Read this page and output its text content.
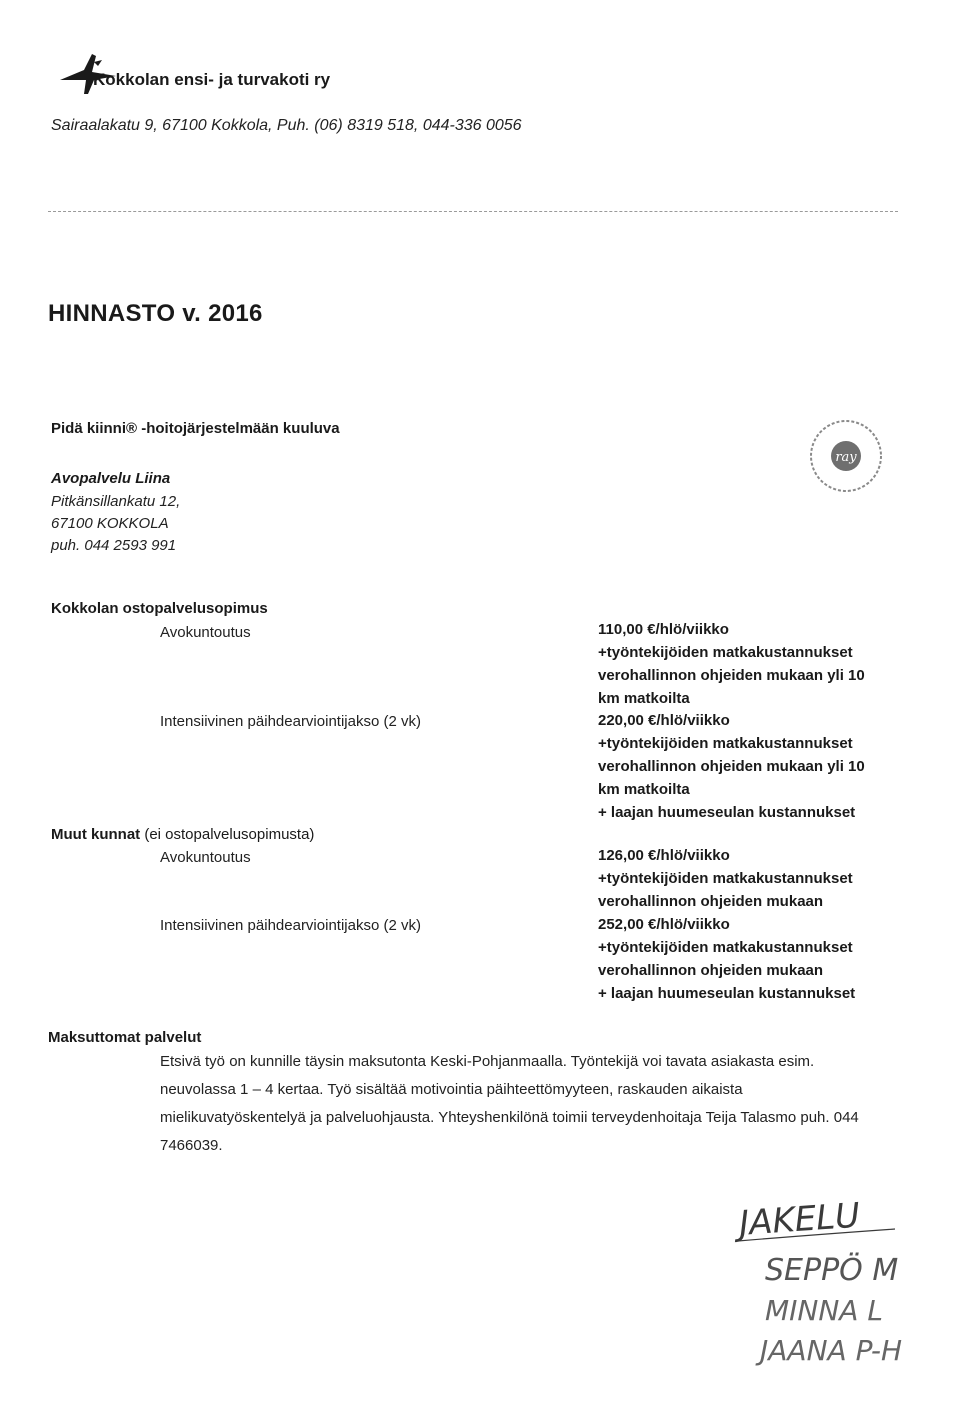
Kokkolan ensi- ja turvakoti ry
Sairaalakatu 9, 67100 Kokkola, Puh. (06) 8319 518, 044-336 0056
HINNASTO v. 2016
Pidä kiinni® -hoitojärjestelmään kuuluva
Avopalvelu Liina
Pitkänsillankatu 12,
67100 KOKKOLA
puh. 044 2593 991
ray
Kokkolan ostopalvelusopimus
Avokuntoutus	110,00 €/hlö/viikko
+työntekijöiden matkakustannukset
verohallinnon ohjeiden mukaan yli 10
km matkoilta
Intensiivinen päihdearviointijakso (2 vk)	220,00 €/hlö/viikko
+työntekijöiden matkakustannukset
verohallinnon ohjeiden mukaan yli 10
km matkoilta
+ laajan huumeseulan kustannukset
Muut kunnat (ei ostopalvelusopimusta)
Avokuntoutus	126,00 €/hlö/viikko
+työntekijöiden matkakustannukset
verohallinnon ohjeiden mukaan
Intensiivinen päihdearviointijakso (2 vk)	252,00 €/hlö/viikko
+työntekijöiden matkakustannukset
verohallinnon ohjeiden mukaan
+ laajan huumeseulan kustannukset
Maksuttomat palvelut
Etsivä työ on kunnille täysin maksutonta Keski-Pohjanmaalla. Työntekijä voi tavata asiakasta esim. neuvolassa 1 – 4 kertaa. Työ sisältää motivointia päihteettömyyteen, raskauden aikaista mielikuvatyöskentelyä ja palveluohjausta. Yhteyshenkilönä toimii terveydenhoitaja Teija Talasmo puh. 044 7466039.
JAKELU
SEPPÖ M
MINNA L
JAANA P-H
